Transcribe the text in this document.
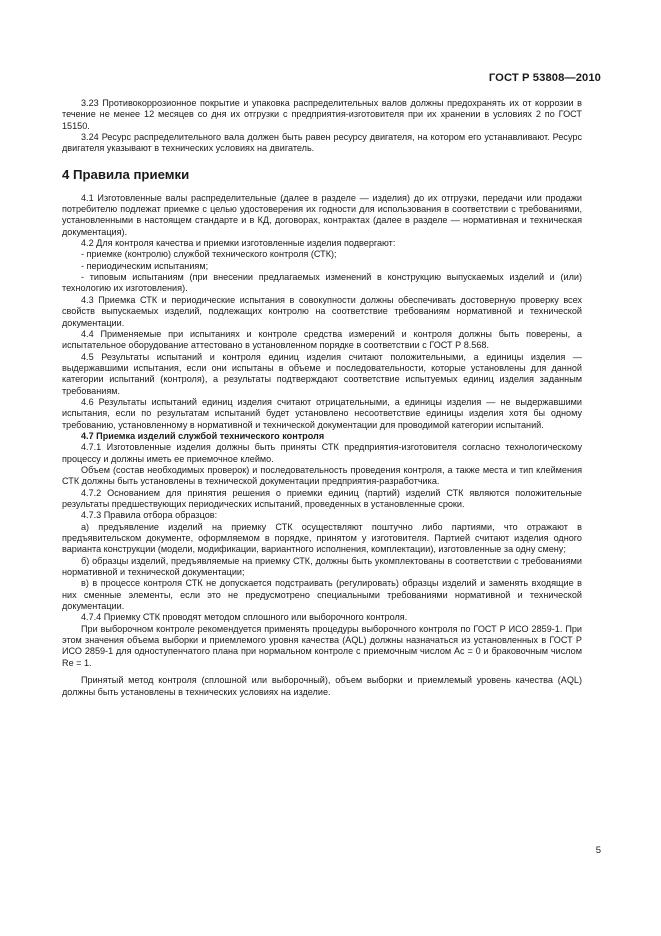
ГОСТ Р 53808—2010

3.23 Противокоррозионное покрытие и упаковка распределительных валов должны предохранять их от коррозии в течение не менее 12 месяцев со дня их отгрузки с предприятия-изготовителя при их хранении в условиях 2 по ГОСТ 15150.

3.24 Ресурс распределительного вала должен быть равен ресурсу двигателя, на котором его устанавливают. Ресурс двигателя указывают в технических условиях на двигатель.

4 Правила приемки

4.1 Изготовленные валы распределительные (далее в разделе — изделия) до их отгрузки, передачи или продажи потребителю подлежат приемке с целью удостоверения их годности для использования в соответствии с требованиями, установленными в настоящем стандарте и в КД, договорах, контрактах (далее в разделе — нормативная и техническая документация).

4.2 Для контроля качества и приемки изготовленные изделия подвергают:

- приемке (контролю) службой технического контроля (СТК);

- периодическим испытаниям;

- типовым испытаниям (при внесении предлагаемых изменений в конструкцию выпускаемых изделий и (или) технологию их изготовления).

4.3 Приемка СТК и периодические испытания в совокупности должны обеспечивать достоверную проверку всех свойств выпускаемых изделий, подлежащих контролю на соответствие требованиям нормативной и технической документации.

4.4 Применяемые при испытаниях и контроле средства измерений и контроля должны быть поверены, а испытательное оборудование аттестовано в установленном порядке в соответствии с ГОСТ Р 8.568.

4.5 Результаты испытаний и контроля единиц изделия считают положительными, а единицы изделия — выдержавшими испытания, если они испытаны в объеме и последовательности, которые установлены для данной категории испытаний (контроля), а результаты подтверждают соответствие испытуемых единиц изделия заданным требованиям.

4.6 Результаты испытаний единиц изделия считают отрицательными, а единицы изделия — не выдержавшими испытания, если по результатам испытаний будет установлено несоответствие единицы изделия хотя бы одному требованию, установленному в нормативной и технической документации для проводимой категории испытаний.

4.7 Приемка изделий службой технического контроля

4.7.1 Изготовленные изделия должны быть приняты СТК предприятия-изготовителя согласно технологическому процессу и должны иметь ее приемочное клеймо.

Объем (состав необходимых проверок) и последовательность проведения контроля, а также места и тип клеймения СТК должны быть установлены в технической документации предприятия-разработчика.

4.7.2 Основанием для принятия решения о приемки единиц (партий) изделий СТК являются положительные результаты предшествующих периодических испытаний, проведенных в установленные сроки.

4.7.3 Правила отбора образцов:

а) предъявление изделий на приемку СТК осуществляют поштучно либо партиями, что отражают в предъявительском документе, оформляемом в порядке, принятом у изготовителя. Партией считают изделия одного варианта конструкции (модели, модификации, вариантного исполнения, комплектации), изготовленные за одну смену;

б) образцы изделий, предъявляемые на приемку СТК, должны быть укомплектованы в соответствии с требованиями нормативной и технической документации;

в) в процессе контроля СТК не допускается подстраивать (регулировать) образцы изделий и заменять входящие в них сменные элементы, если это не предусмотрено специальными требованиями нормативной и технической документации.

4.7.4 Приемку СТК проводят методом сплошного или выборочного контроля.

При выборочном контроле рекомендуется применять процедуры выборочного контроля по ГОСТ Р ИСО 2859-1. При этом значения объема выборки и приемлемого уровня качества (AQL) должны назначаться из установленных в ГОСТ Р ИСО 2859-1 для одноступенчатого плана при нормальном контроле с приемочным числом Ac = 0 и браковочным числом Re = 1.

Принятый метод контроля (сплошной или выборочный), объем выборки и приемлемый уровень качества (AQL) должны быть установлены в технических условиях на изделие.

5
